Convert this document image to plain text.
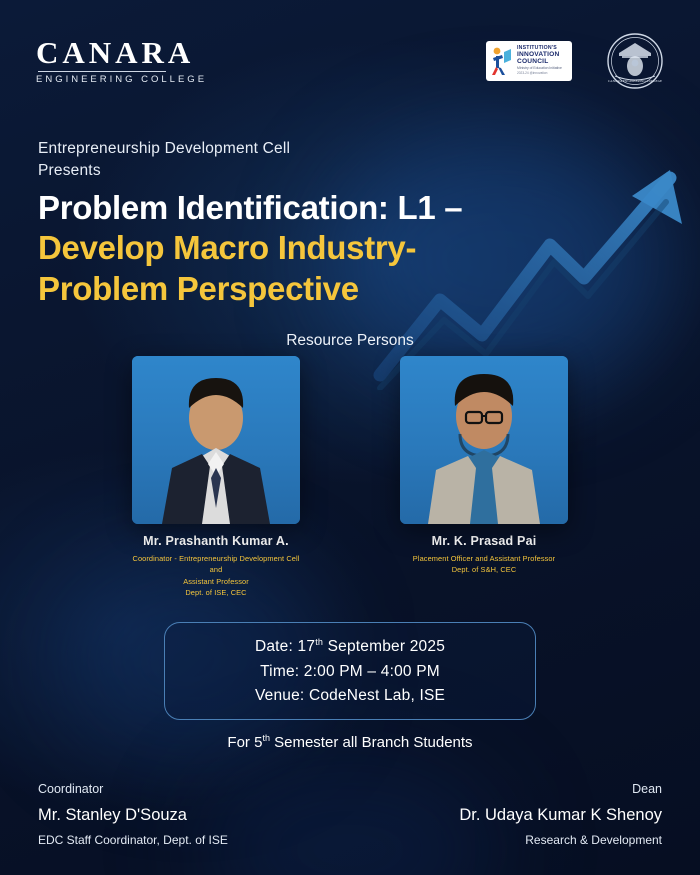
CANARA
ENGINEERING COLLEGE
INSTITUTION'S
INNOVATION
COUNCIL
Ministry of Education Initiative
2023-24 @innovation
CANARA ENGINEERING COLLEGE
Entrepreneurship Development Cell
Presents
Problem Identification: L1 –
Develop Macro Industry-
Problem Perspective
Resource Persons
Mr. Prashanth Kumar A.
Coordinator - Entrepreneurship Development Cell and
Assistant Professor
Dept. of ISE, CEC
Mr. K. Prasad Pai
Placement Officer and Assistant Professor
Dept. of S&H, CEC
Date: 17th September 2025
Time: 2:00 PM – 4:00 PM
Venue: CodeNest Lab, ISE
For 5th Semester all Branch Students
Coordinator
Mr. Stanley D'Souza
EDC Staff Coordinator, Dept. of ISE
Dean
Dr. Udaya Kumar K Shenoy
Research & Development
